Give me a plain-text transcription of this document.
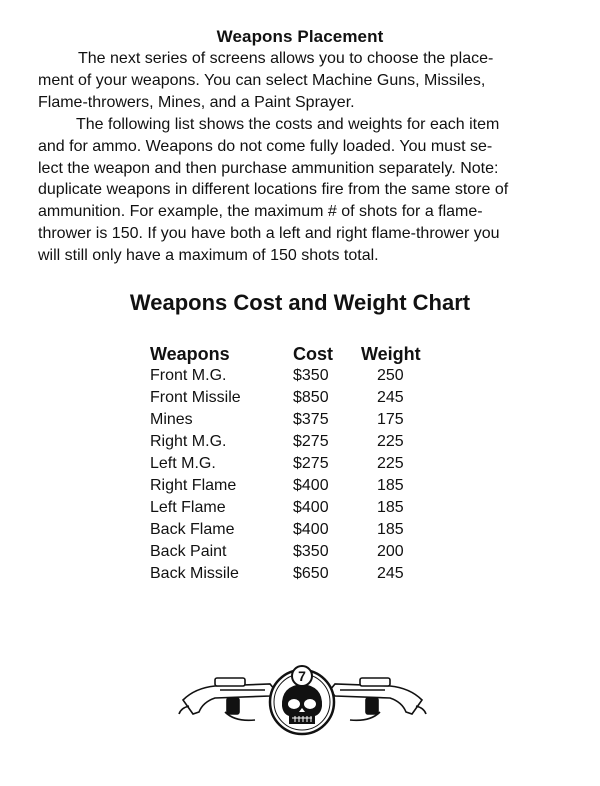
Weapons Placement
The next series of screens allows you to choose the place-
ment of your weapons. You can select Machine Guns, Missiles,
Flame-throwers, Mines, and a Paint Sprayer.
The following list shows the costs and weights for each item
and for ammo. Weapons do not come fully loaded. You must se-
lect the weapon and then purchase ammunition separately. Note:
duplicate weapons in different locations fire from the same store of
ammunition. For example, the maximum # of shots for a flame-
thrower is 150. If you have both a left and right flame-thrower you
will still only have a maximum of 150 shots total.
Weapons Cost and Weight Chart
Weapons	Cost	Weight
Front M.G.	$350	250
Front Missile	$850	245
Mines	$375	175
Right M.G.	$275	225
Left M.G.	$275	225
Right Flame	$400	185
Left Flame	$400	185
Back Flame	$400	185
Back Paint	$350	200
Back Missile	$650	245
7
